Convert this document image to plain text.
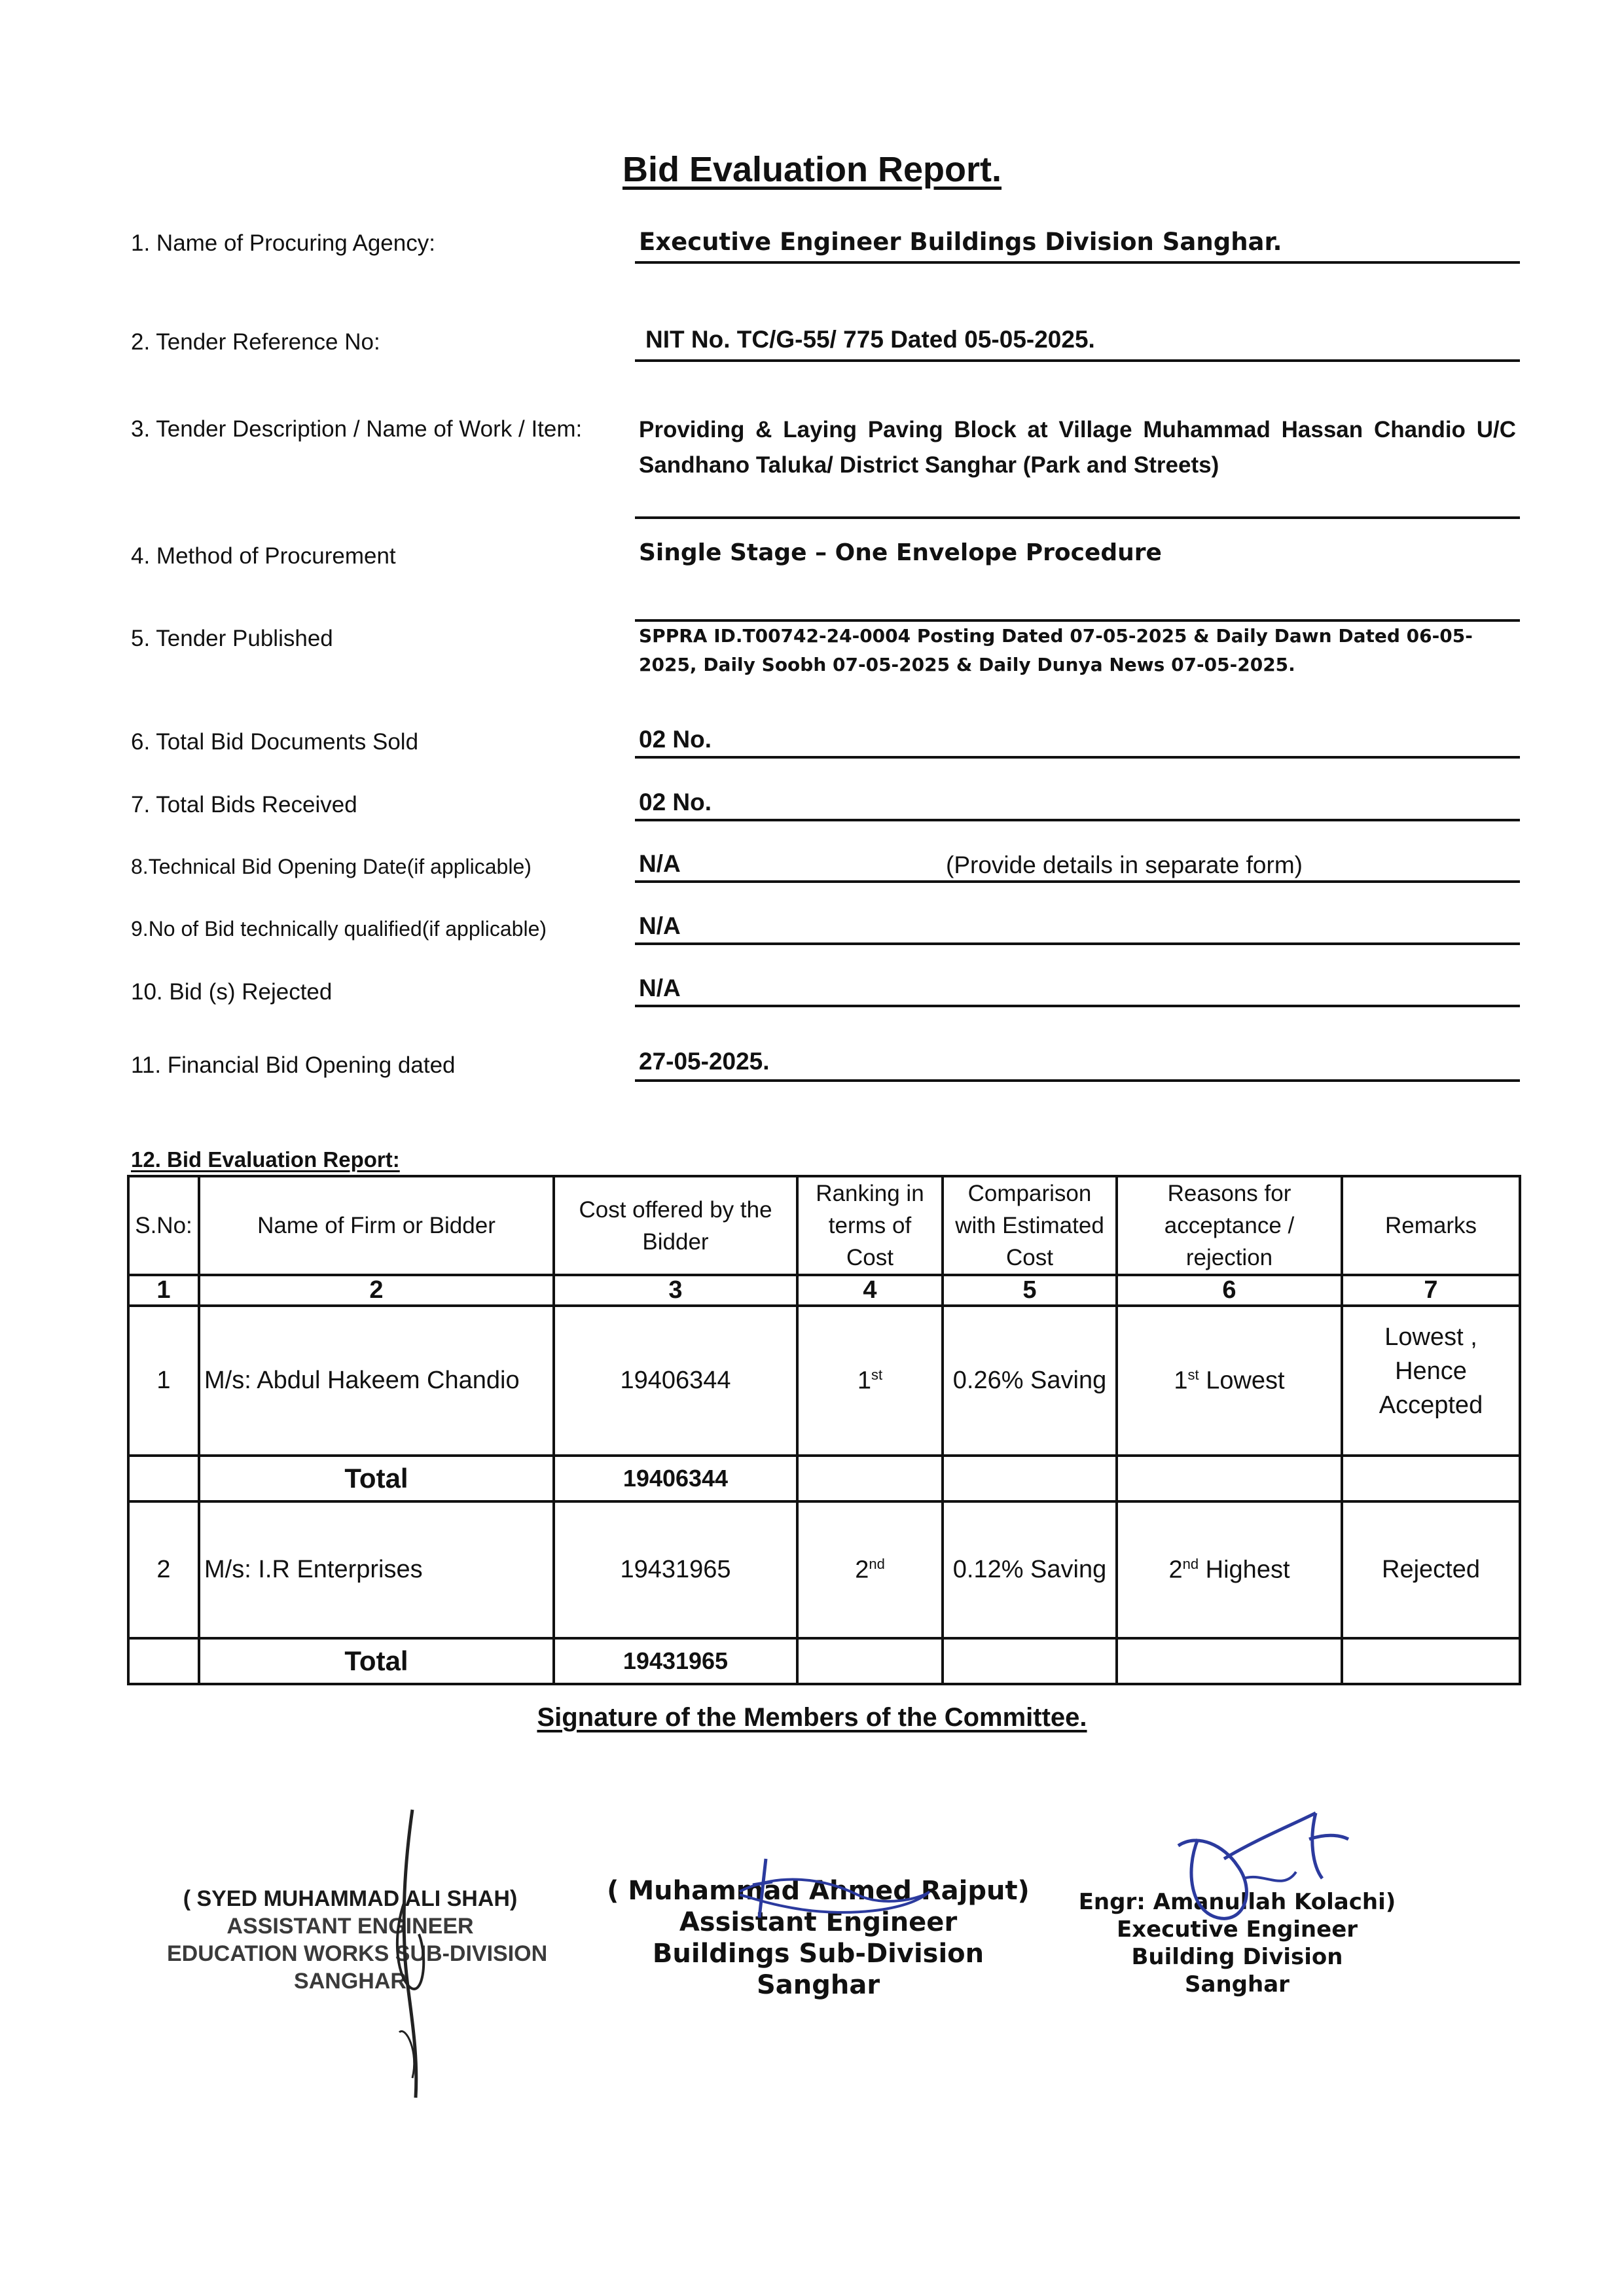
Bid Evaluation Report.
1. Name of Procuring Agency:	Executive Engineer Buildings Division Sanghar.
2. Tender Reference No:	NIT No. TC/G-55/ 775 Dated 05-05-2025.
3. Tender Description / Name of Work / Item: Providing & Laying Paving Block at Village Muhammad Hassan Chandio U/C Sandhano Taluka/ District Sanghar (Park and Streets)
4. Method of Procurement	Single Stage – One Envelope Procedure
5. Tender Published	SPPRA ID.T00742-24-0004 Posting Dated 07-05-2025 & Daily Dawn Dated 06-05-2025, Daily Soobh 07-05-2025 & Daily Dunya News 07-05-2025.
6. Total Bid Documents Sold	02 No.
7. Total Bids Received	02 No.
8.Technical Bid Opening Date(if applicable)	N/A	(Provide details in separate form)
9.No of Bid technically qualified(if applicable)	N/A
10. Bid (s) Rejected	N/A
11. Financial Bid Opening dated	27-05-2025.
12. Bid Evaluation Report:
S.No:	Name of Firm or Bidder	Cost offered by the Bidder	Ranking in terms of Cost	Comparison with Estimated Cost	Reasons for acceptance / rejection	Remarks
1	2	3	4	5	6	7
1	M/s: Abdul Hakeem Chandio	19406344	1st	0.26% Saving	1st Lowest	Lowest , Hence Accepted
	Total	19406344				
2	M/s: I.R Enterprises	19431965	2nd	0.12% Saving	2nd Highest	Rejected
	Total	19431965				
Signature of the Members of the Committee.
( SYED MUHAMMAD ALI SHAH)
ASSISTANT ENGINEER
EDUCATION WORKS SUB-DIVISION
SANGHAR
( Muhammad Ahmed Rajput)
Assistant Engineer
Buildings Sub-Division
Sanghar
Engr: Amanullah Kolachi)
Executive Engineer
Building Division
Sanghar
